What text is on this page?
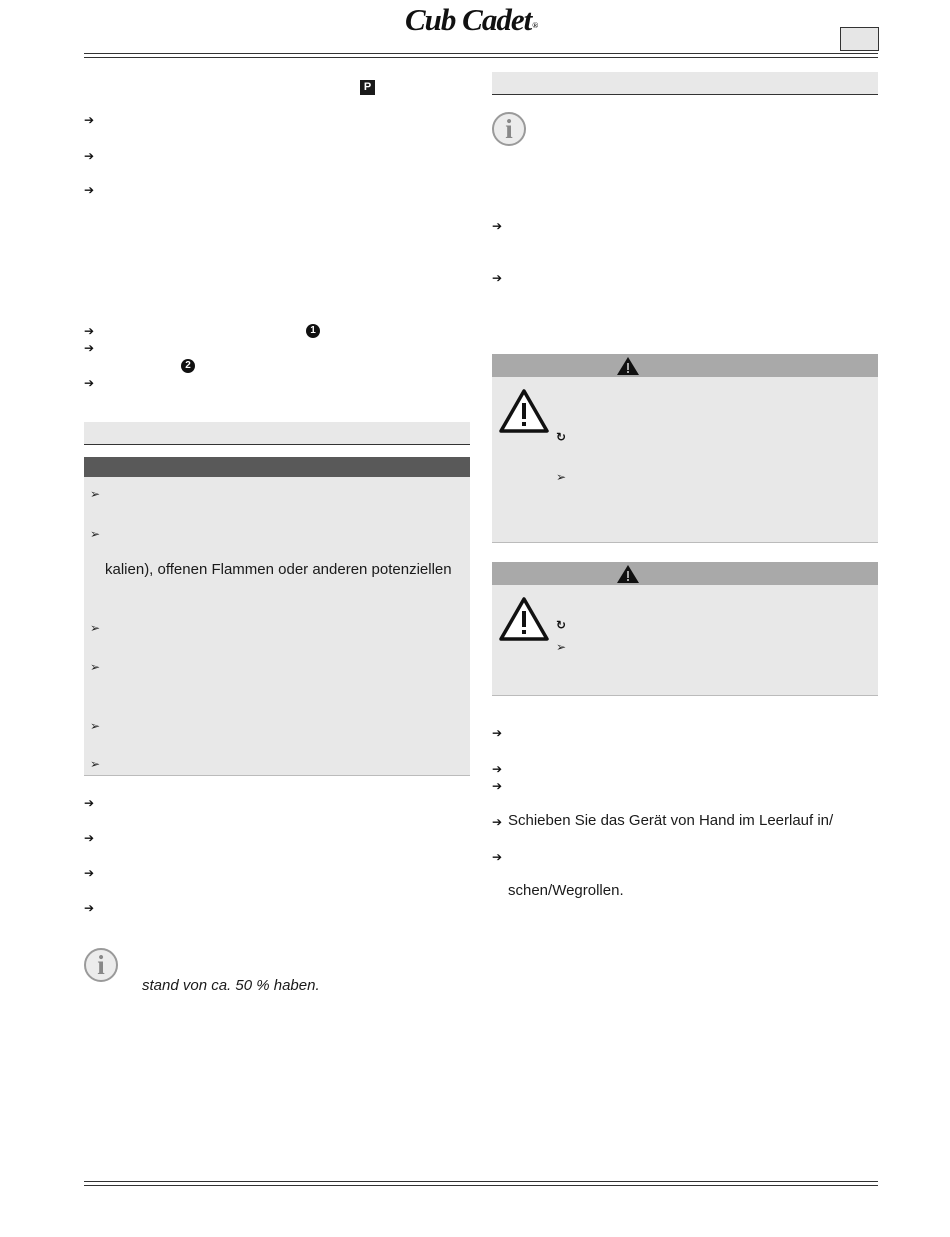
Cub Cadet®
P
➔
➔
➔
➔	1
➔
2
➔
➢
➢
kalien), offenen Flammen oder anderen potenziellen
➢
➢
➢
➢
➔
➔
➔
➔
i
stand von ca. 50 % haben.
i
➔
➔
↻
➢
↻
➢
➔
➔
➔
➔ Schieben Sie das Gerät von Hand im Leerlauf in/
➔
schen/Wegrollen.
